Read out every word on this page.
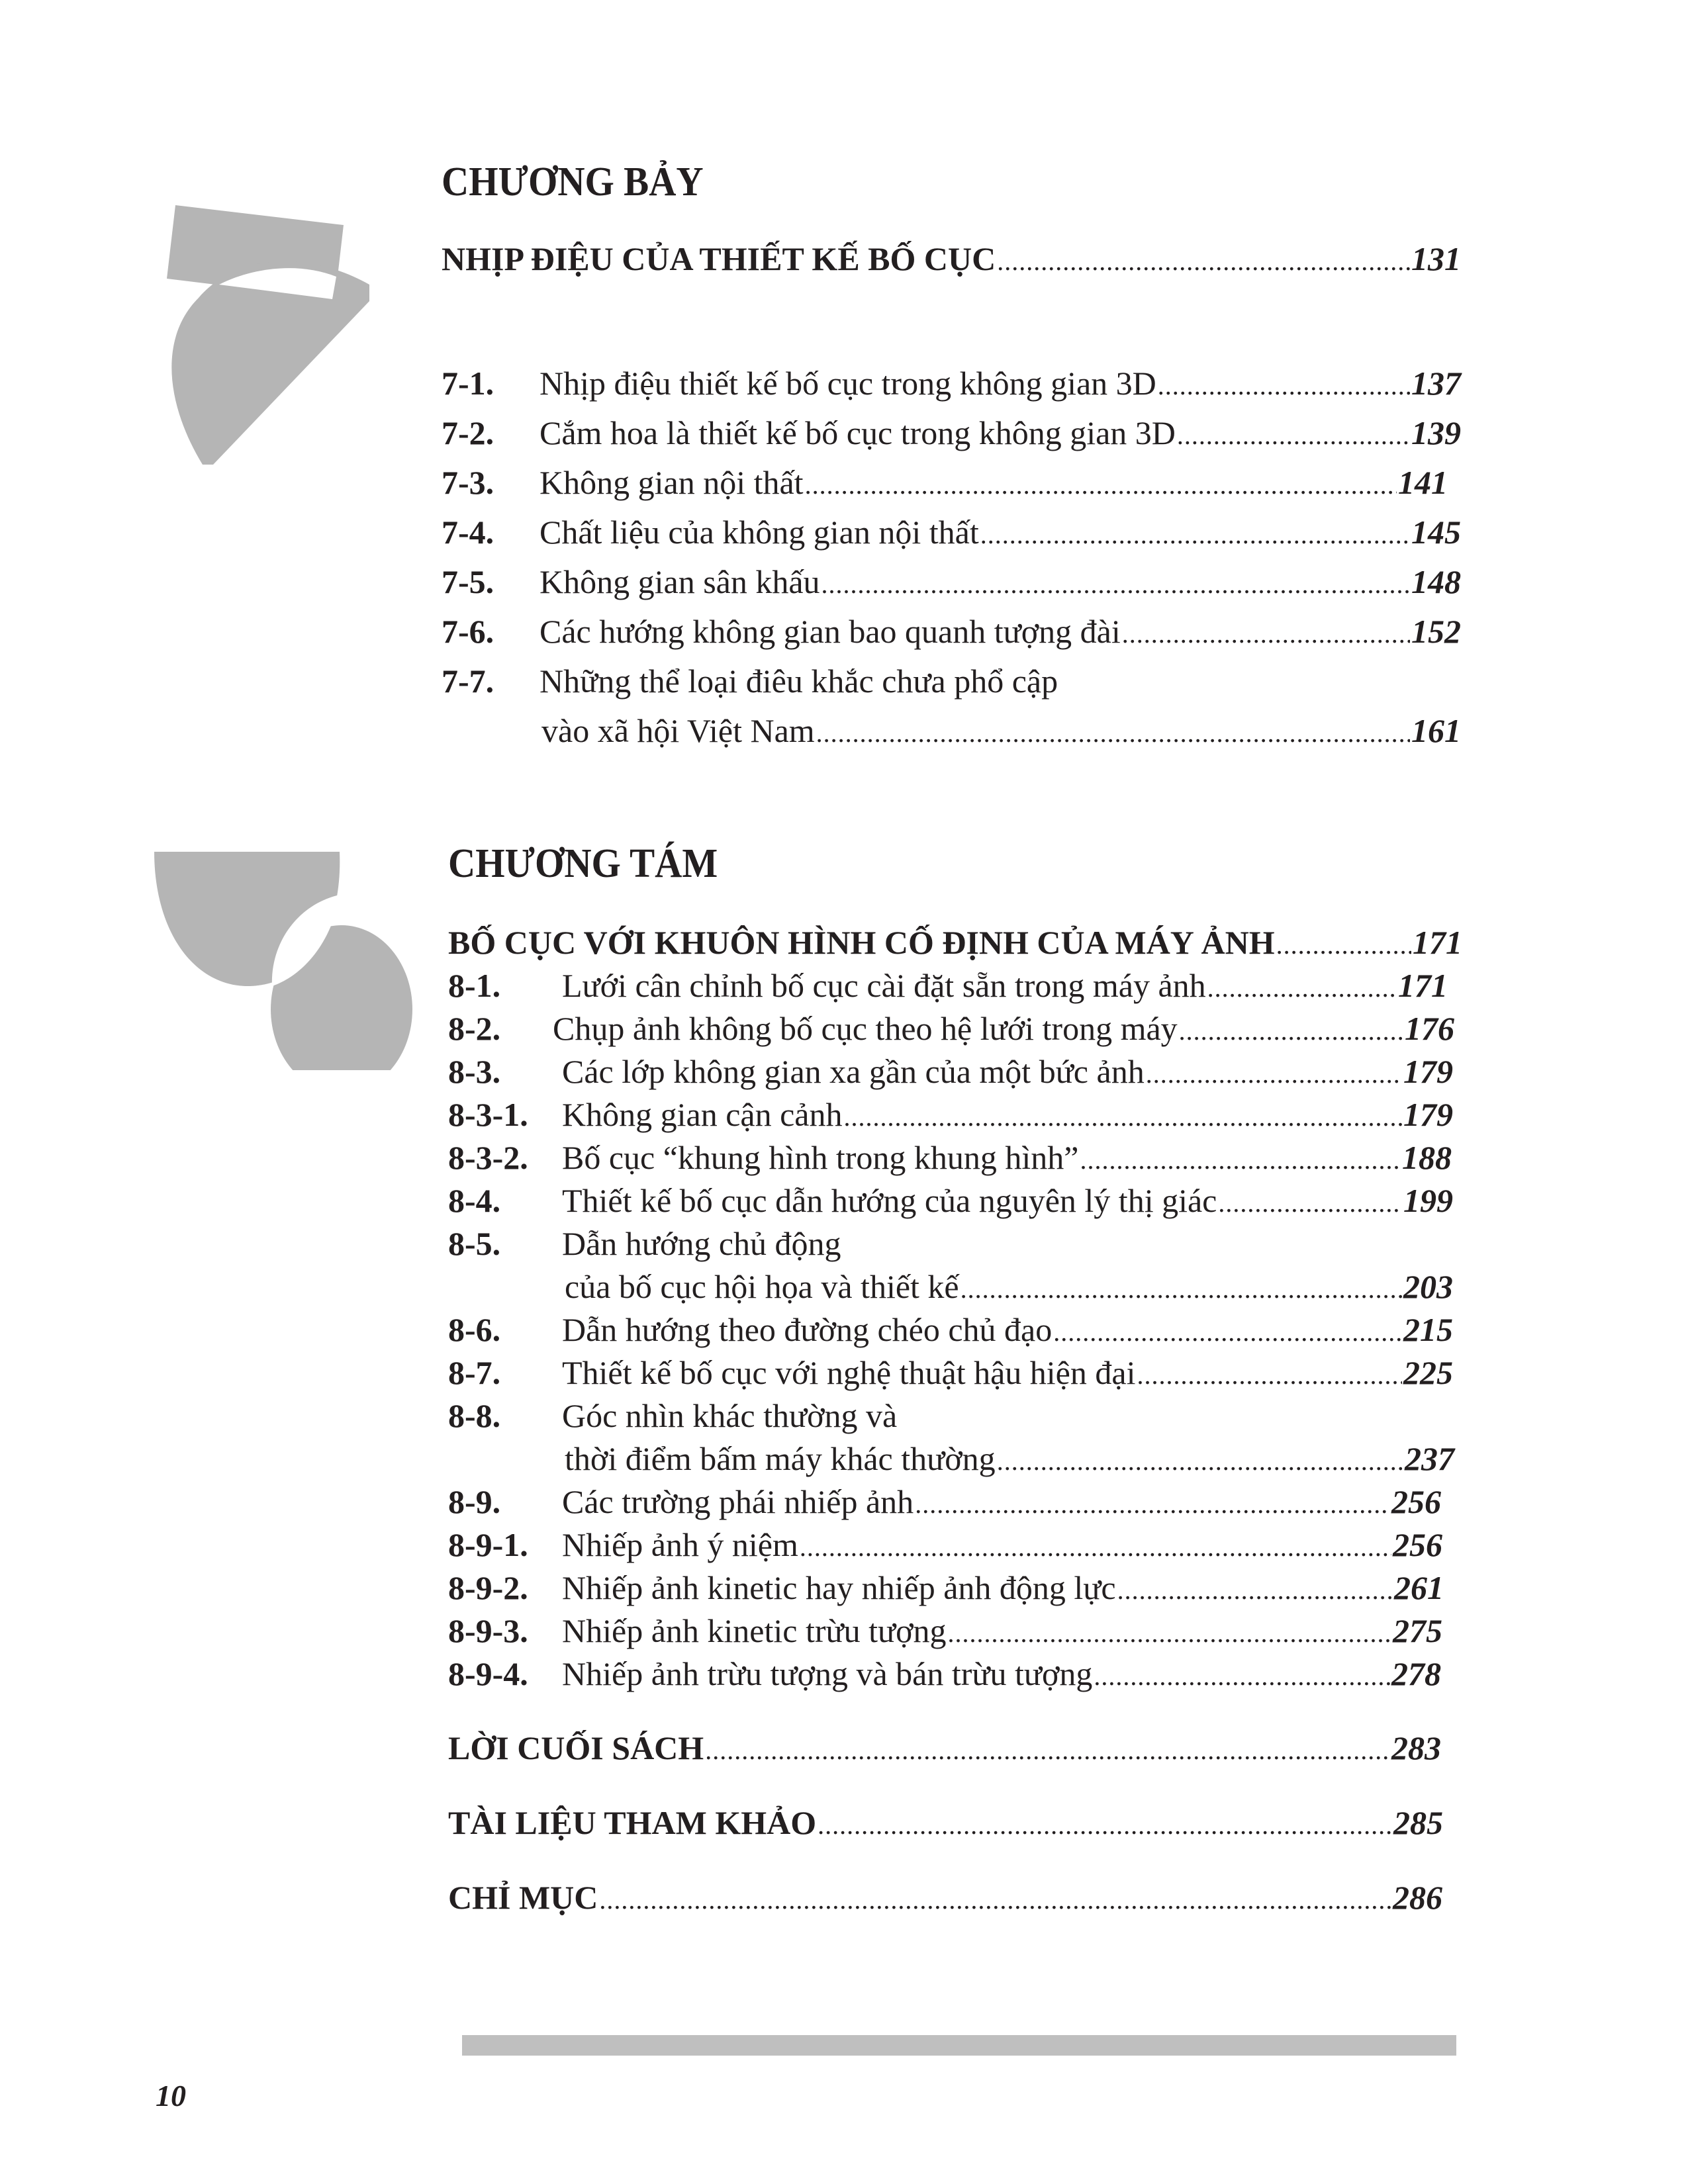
CHƯƠNG BẢY
NHỊP ĐIỆU CỦA THIẾT KẾ BỐ CỤC .....	131
7-1.	Nhịp điệu thiết kế bố cục trong không gian 3D .....	137
7-2.	Cắm hoa là thiết kế bố cục trong không gian 3D .....	139
7-3.	Không gian nội thất .....	141
7-4.	Chất liệu của không gian nội thất .....	145
7-5.	Không gian sân khấu .....	148
7-6.	Các hướng không gian bao quanh tượng đài .....	152
7-7.	Những thể loại điêu khắc chưa phổ cập
vào xã hội Việt Nam .....	161
CHƯƠNG TÁM
BỐ CỤC VỚI KHUÔN HÌNH CỐ ĐỊNH CỦA MÁY ẢNH .....	171
8-1.	Lưới cân chỉnh bố cục cài đặt sẵn trong máy ảnh .....	171
8-2.	Chụp ảnh không bố cục theo hệ lưới trong máy .....	176
8-3.	Các lớp không gian xa gần của một bức ảnh .....	179
8-3-1.	Không gian cận cảnh .....	179
8-3-2.	Bố cục “khung hình trong khung hình” .....	188
8-4.	Thiết kế bố cục dẫn hướng của nguyên lý thị giác .....	199
8-5.	Dẫn hướng chủ động
của bố cục hội họa và thiết kế .....	203
8-6.	Dẫn hướng theo đường chéo chủ đạo .....	215
8-7.	Thiết kế bố cục với nghệ thuật hậu hiện đại .....	225
8-8.	Góc nhìn khác thường và
thời điểm bấm máy khác thường .....	237
8-9.	Các trường phái nhiếp ảnh .....	256
8-9-1.	Nhiếp ảnh ý niệm .....	256
8-9-2.	Nhiếp ảnh kinetic hay nhiếp ảnh động lực .....	261
8-9-3.	Nhiếp ảnh kinetic trừu tượng .....	275
8-9-4.	Nhiếp ảnh trừu tượng và bán trừu tượng .....	278
LỜI CUỐI SÁCH .....	283
TÀI LIỆU THAM KHẢO .....	285
CHỈ MỤC .....	286
10
